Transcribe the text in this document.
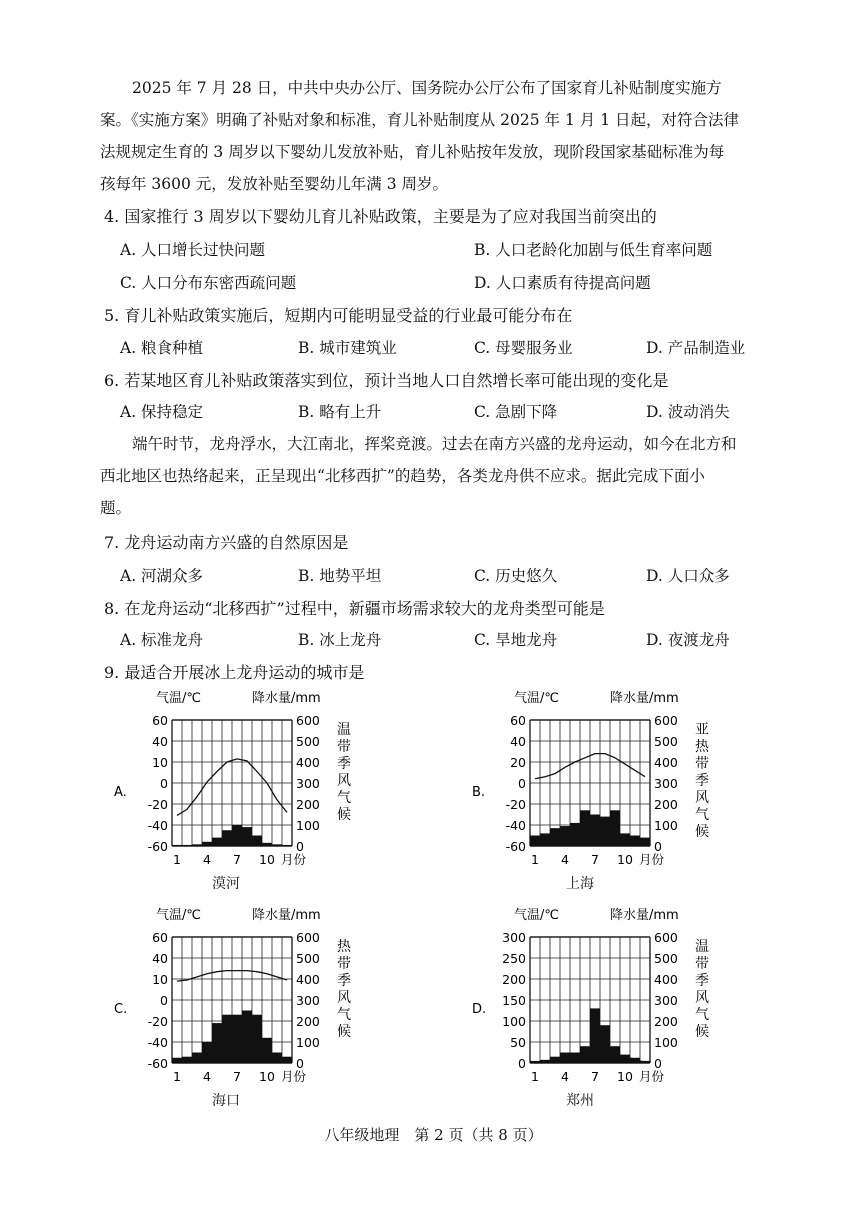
2025 年 7 月 28 日，中共中央办公厅、国务院办公厅公布了国家育儿补贴制度实施方
案。《实施方案》明确了补贴对象和标准，育儿补贴制度从 2025 年 1 月 1 日起，对符合法律
法规规定生育的 3 周岁以下婴幼儿发放补贴，育儿补贴按年发放，现阶段国家基础标准为每
孩每年 3600 元，发放补贴至婴幼儿年满 3 周岁。
4. 国家推行 3 周岁以下婴幼儿育儿补贴政策，主要是为了应对我国当前突出的
A. 人口增长过快问题	B. 人口老龄化加剧与低生育率问题
C. 人口分布东密西疏问题	D. 人口素质有待提高问题
5. 育儿补贴政策实施后，短期内可能明显受益的行业最可能分布在
A. 粮食种植	B. 城市建筑业	C. 母婴服务业	D. 产品制造业
6. 若某地区育儿补贴政策落实到位，预计当地人口自然增长率可能出现的变化是
A. 保持稳定	B. 略有上升	C. 急剧下降	D. 波动消失
端午时节，龙舟浮水，大江南北，挥桨竞渡。过去在南方兴盛的龙舟运动，如今在北方和
西北地区也热络起来，正呈现出“北移西扩”的趋势，各类龙舟供不应求。据此完成下面小
题。
7. 龙舟运动南方兴盛的自然原因是
A. 河湖众多	B. 地势平坦	C. 历史悠久	D. 人口众多
8. 在龙舟运动“北移西扩”过程中，新疆市场需求较大的龙舟类型可能是
A. 标准龙舟	B. 冰上龙舟	C. 旱地龙舟	D. 夜渡龙舟
9. 最适合开展冰上龙舟运动的城市是
A.
气温/℃	降水量/mm
60
40
10
0
-20
-40
-60
600
500
400
300
200
100
0
1 4 7 10 月份
温
带
季
风
气
候
漠河
B.
气温/℃	降水量/mm
60
40
20
0
-20
-40
-60
600
500
400
300
200
100
0
1 4 7 10 月份
亚
热
带
季
风
气
候
上海
C.
气温/℃	降水量/mm
60
40
10
0
-20
-40
-60
600
500
400
300
200
100
0
1 4 7 10 月份
热
带
季
风
气
候
海口
D.
气温/℃	降水量/mm
300
250
200
150
100
50
0
600
500
400
300
200
100
0
1 4 7 10 月份
温
带
季
风
气
候
郑州
八年级地理　第 2 页（共 8 页）
